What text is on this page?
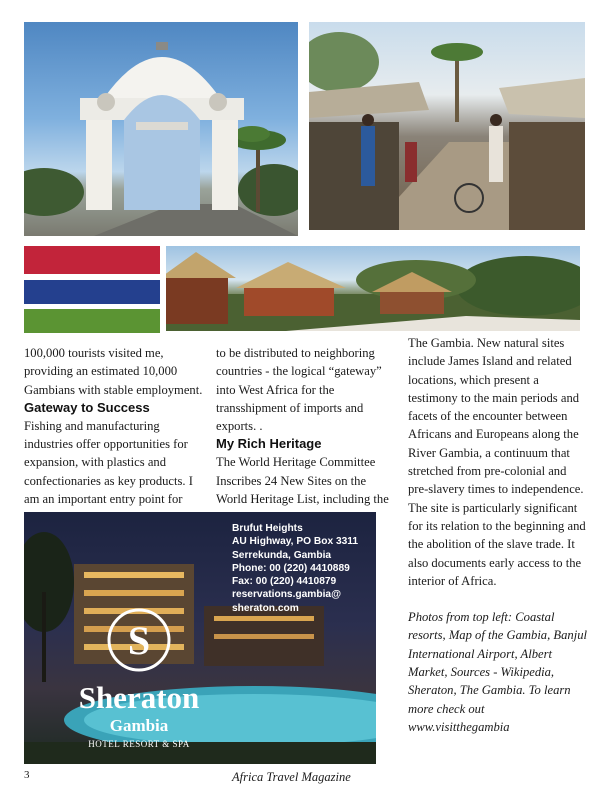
100,000 tourists visited me, providing an estimated 10,000 Gambians with stable employment.

Gateway to Success

Fishing and manufacturing industries offer opportunities for expansion, with plastics and confectionaries as key products. I am an important entry point for

to be distributed to neighboring countries - the logical “gateway” into West Africa for the transshipment of imports and exports. .

My Rich Heritage

The World Heritage Committee Inscribes 24 New Sites on the World Heritage List, including the

The Gambia. New natural sites include James Island and related locations, which present a testimony to the main periods and facets of the encounter between Africans and Europeans along the River Gambia, a continuum that stretched from pre-colonial and pre-slavery times to independence. The site is particularly significant for its relation to the beginning and the abolition of the slave trade. It also documents early access to the interior of Africa.

Photos from top left: Coastal resorts, Map of the Gambia, Banjul International Airport, Albert Market, Sources - Wikipedia, Sheraton, The Gambia. To learn more check out www.visitthegambia

S
Brufut Heights
AU Highway, PO Box 3311
Serrekunda, Gambia
Phone: 00 (220) 4410889
Fax: 00 (220) 4410879
reservations.gambia@
sheraton.com
Sheraton
Gambia
HOTEL RESORT & SPA
3	Africa Travel Magazine
